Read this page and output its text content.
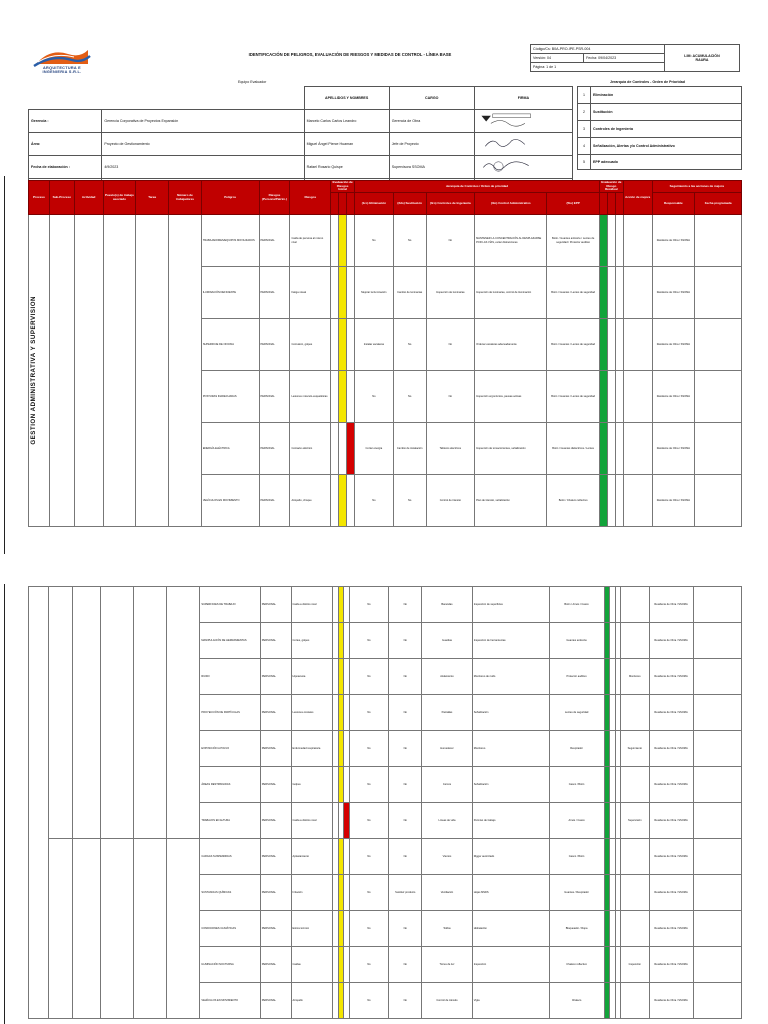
ARQUITECTURA E
INGENIERIA S.R.L.
IDENTIFICACIÓN DE PELIGROS, EVALUACIÓN DE RIESGOS Y MEDIDAS DE CONTROL - LÍNEA BASE
Código/Cs: B0A-PRO-IPE-PSR-004		LIM: ACUMULACIÓN
RAURA
Versión: 04	Fecha: 09/04/2023	
Página: 1 de 1		
Equipo Evaluador
		APELLIDOS Y NOMBRES	CARGO	FIRMA
Gerencia :	Gerencia Corporativa de Proyectos Expansión	Marcelo Carlos Carlos Leandro	Gerencia de Obra	
Área:	Proyecto de Gestionamiento	Miguel Ángel Pierce Huaman	Jefe de Proyecto	
Fecha de elaboración :	4/9/2023	Rafael Rosario Quispe	Supervisora SSOMA	

Jerarquía de Controles - Orden de Prioridad
1	Eliminación
2	Sustitución
3	Controles de Ingeniería
4	Señalización, Alertas y/o Control Administrativo
5	EPP adecuado
Proceso	Sub-Proceso	Actividad	Puesto(s) de trabajo asociado	Tarea	Número de trabajadores	Peligros	Riesgos (Persona/Patrim.)	Riesgos	Evaluación de Riesgos Inicial			Jerarquía de Controles / Orden de prioridad					Evaluación de Riesgo Residual			Acción de mejora	Seguimiento a las acciones de mejora	
												(1ro) Eliminación	(2do) Sustitución	(3ro) Controles de Ingeniería	(4to) Control Administrativo	(5to) EPP					Responsable	Fecha programada

GESTION ADMINISTRATIVA Y SUPERVISION						TRABAJADORES/EQUIPOS MOVILIZADOS	PERSONAL	Caída de persona al mismo nivel				No	No	No	MANTENER LA CONCENTRACIÓN AL DESPLAZARSE POR LAS VÍAS, evitar distracciones	Botín / Guantes anticorte / Lentes de seguridad / Protector auditivo					Residente de Obra / SSOMA	
						ILUMINACIÓN DEFICIENTE	PERSONAL	Fatiga visual				Mejorar la iluminación	Cambio de luminarias	Inspección de luminarias	Inspección de luminarias, control de iluminación	Botín / Guantes / Lentes de seguridad					Residente de Obra / SSOMA	
						SUPERFICIE DE OFICINA	PERSONAL	Contusión, golpes				Instalar escaleras	No	No	Ordenar escaleras adecuadamente	Botín / Guantes / Lentes de seguridad					Residente de Obra / SSOMA	
						POSTURAS INADECUADAS	PERSONAL	Lesiones músculo-esqueléticas				No	No	No	Inspección ergonómica, pausas activas	Botín / Guantes / Lentes de seguridad					Residente de Obra / SSOMA	
						ENERGÍA ELÉCTRICA	PERSONAL	Contacto eléctrico				Cortar energía	Cambio de instalación	Tableros eléctricos	Inspección de tomacorrientes, señalización	Botín / Guantes dieléctricos / Lentes					Residente de Obra / SSOMA	
						VEHÍCULOS EN MOVIMIENTO	PERSONAL	Atropello, choque				No	No	Control de tránsito	Plan de tránsito, señalización	Botín / Chaleco reflectivo					Residente de Obra / SSOMA	
						SUPERFICIES DE TRABAJO	PERSONAL	Caída a distinto nivel				No	No	Barandas	Inspección de superficies	Botín / Arnés / Casco					Residente de Obra / SSOMA	
						MANIPULACIÓN DE HERRAMIENTAS	PERSONAL	Cortes, golpes				No	No	Guardas	Inspección de herramientas	Guantes anticorte					Residente de Obra / SSOMA	
						RUIDO	PERSONAL	Hipoacusia				No	No	Aislamiento	Monitoreo de ruido	Protector auditivo				Monitoreo	Residente de Obra / SSOMA	
						PROYECCIÓN DE PARTÍCULAS	PERSONAL	Lesiones oculares				No	No	Pantallas	Señalización	Lentes de seguridad					Residente de Obra / SSOMA	
						EXPOSICIÓN A POLVO	PERSONAL	Enfermedad respiratoria				No	No	Humedecer	Monitoreo	Respirador				Seguimiento	Residente de Obra / SSOMA	
						ÁREAS RESTRINGIDAS	PERSONAL	Golpes				No	No	Cercos	Señalización	Casco / Botín					Residente de Obra / SSOMA	
						TRABAJOS EN ALTURA	PERSONAL	Caída a distinto nivel				No	No	Líneas de vida	Permiso de trabajo	Arnés / Casco				Supervisión	Residente de Obra / SSOMA	
						CARGAS SUSPENDIDAS	PERSONAL	Aplastamiento				No	No	Vientos	Rigger autorizado	Casco / Botín					Residente de Obra / SSOMA	
						SUSTANCIAS QUÍMICAS	PERSONAL	Irritación				No	Sustituir producto	Ventilación	Hojas MSDS	Guantes / Respirador					Residente de Obra / SSOMA	
						CONDICIONES CLIMÁTICAS	PERSONAL	Estrés térmico				No	No	Toldos	Hidratación	Bloqueador / Ropa					Residente de Obra / SSOMA	
						ILUMINACIÓN NOCTURNA	PERSONAL	Caídas				No	No	Torres de luz	Inspección	Chaleco reflectivo				Inspección	Residente de Obra / SSOMA	
						VEHÍCULOS EN MOVIMIENTO	PERSONAL	Atropello				No	No	Control de tránsito	Vigía	Chaleco					Residente de Obra / SSOMA	
